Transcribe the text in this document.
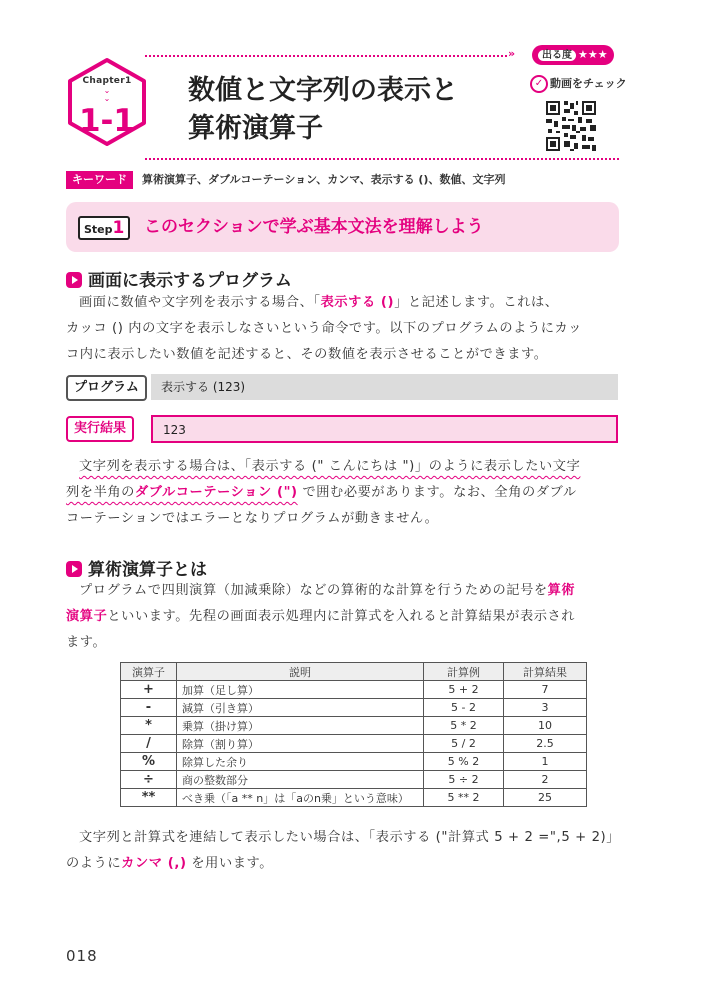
Chapter1
⌄
⌄
1-1
»	出る度 ★★★
数値と文字列の表示と
算術演算子
✓ 動画をチェック
キーワード	算術演算子、ダブルコーテーション、カンマ、表示する ()、数値、文字列
Step1	このセクションで学ぶ基本文法を理解しよう
画面に表示するプログラム

画面に数値や文字列を表示する場合、「表示する ()」と記述します。これは、

カッコ () 内の文字を表示しなさいという命令です。以下のプログラムのようにカッ

コ内に表示したい数値を記述すると、その数値を表示させることができます。

プログラム	表示する (123)
実行結果	123

文字列を表示する場合は、「表示する (" こんにちは ")」のように表示したい文字

列を半角のダブルコーテーション (") で囲む必要があります。なお、全角のダブル

コーテーションではエラーとなりプログラムが動きません。

算術演算子とは

プログラムで四則演算（加減乗除）などの算術的な計算を行うための記号を算術

演算子といいます。先程の画面表示処理内に計算式を入れると計算結果が表示され

ます。

演算子	説明	計算例	計算結果
+	加算（足し算）	5 + 2	7
-	減算（引き算）	5 - 2	3
*	乗算（掛け算）	5 * 2	10
/	除算（割り算）	5 / 2	2.5
%	除算した余り	5 % 2	1
÷	商の整数部分	5 ÷ 2	2
**	べき乗（「a ** n」は「aのn乗」という意味）	5 ** 2	25

文字列と計算式を連結して表示したい場合は、「表示する ("計算式 5 + 2 =",5 + 2)」

のようにカンマ (,) を用います。

018
